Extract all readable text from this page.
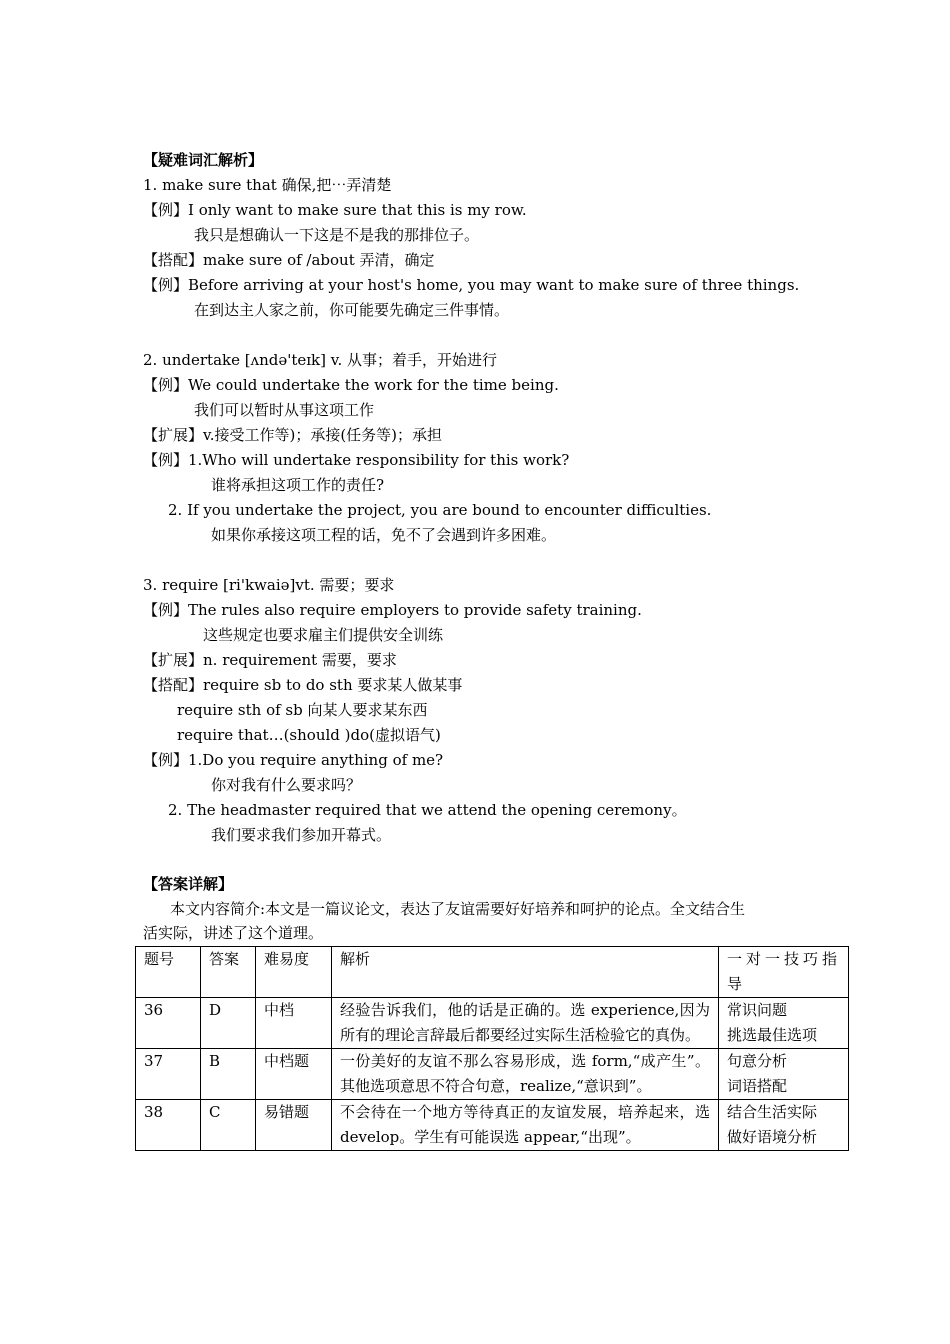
【疑难词汇解析】
1. make sure that 确保,把⋯弄清楚
【例】I only want to make sure that this is my row.
我只是想确认一下这是不是我的那排位子。
【搭配】make sure of /about 弄清，确定
【例】Before arriving at your host's home, you may want to make sure of three things.
在到达主人家之前，你可能要先确定三件事情。
2. undertake [ʌndə'teɪk] v. 从事；着手，开始进行
【例】We could undertake the work for the time being.
我们可以暂时从事这项工作
【扩展】v.接受工作等)；承接(任务等)；承担
【例】1.Who will undertake responsibility for this work?
谁将承担这项工作的责任?
2. If you undertake the project, you are bound to encounter difficulties.
如果你承接这项工程的话，免不了会遇到许多困难。
3. require [ri'kwaiə]vt. 需要；要求
【例】The rules also require employers to provide safety training.
这些规定也要求雇主们提供安全训练
【扩展】n. requirement 需要，要求
【搭配】require sb to do sth 要求某人做某事
require sth of sb 向某人要求某东西
require that…(should )do(虚拟语气)
【例】1.Do you require anything of me?
你对我有什么要求吗？
2. The headmaster required that we attend the opening ceremony。
我们要求我们参加开幕式。
【答案详解】
本文内容简介:本文是一篇议论文，表达了友谊需要好好培养和呵护的论点。全文结合生
活实际，讲述了这个道理。
题号	答案	难易度	解析	一对一技巧指导
36	D	中档	经验告诉我们，他的话是正确的。选 experience,因为所有的理论言辞最后都要经过实际生活检验它的真伪。	常识问题
挑选最佳选项

37	B	中档题	一份美好的友谊不那么容易形成，选 form,“成产生”。其他选项意思不符合句意，realize,“意识到”。	句意分析
词语搭配

38	C	易错题	不会待在一个地方等待真正的友谊发展，培养起来，选 develop。学生有可能误选 appear,“出现”。	结合生活实际
做好语境分析
